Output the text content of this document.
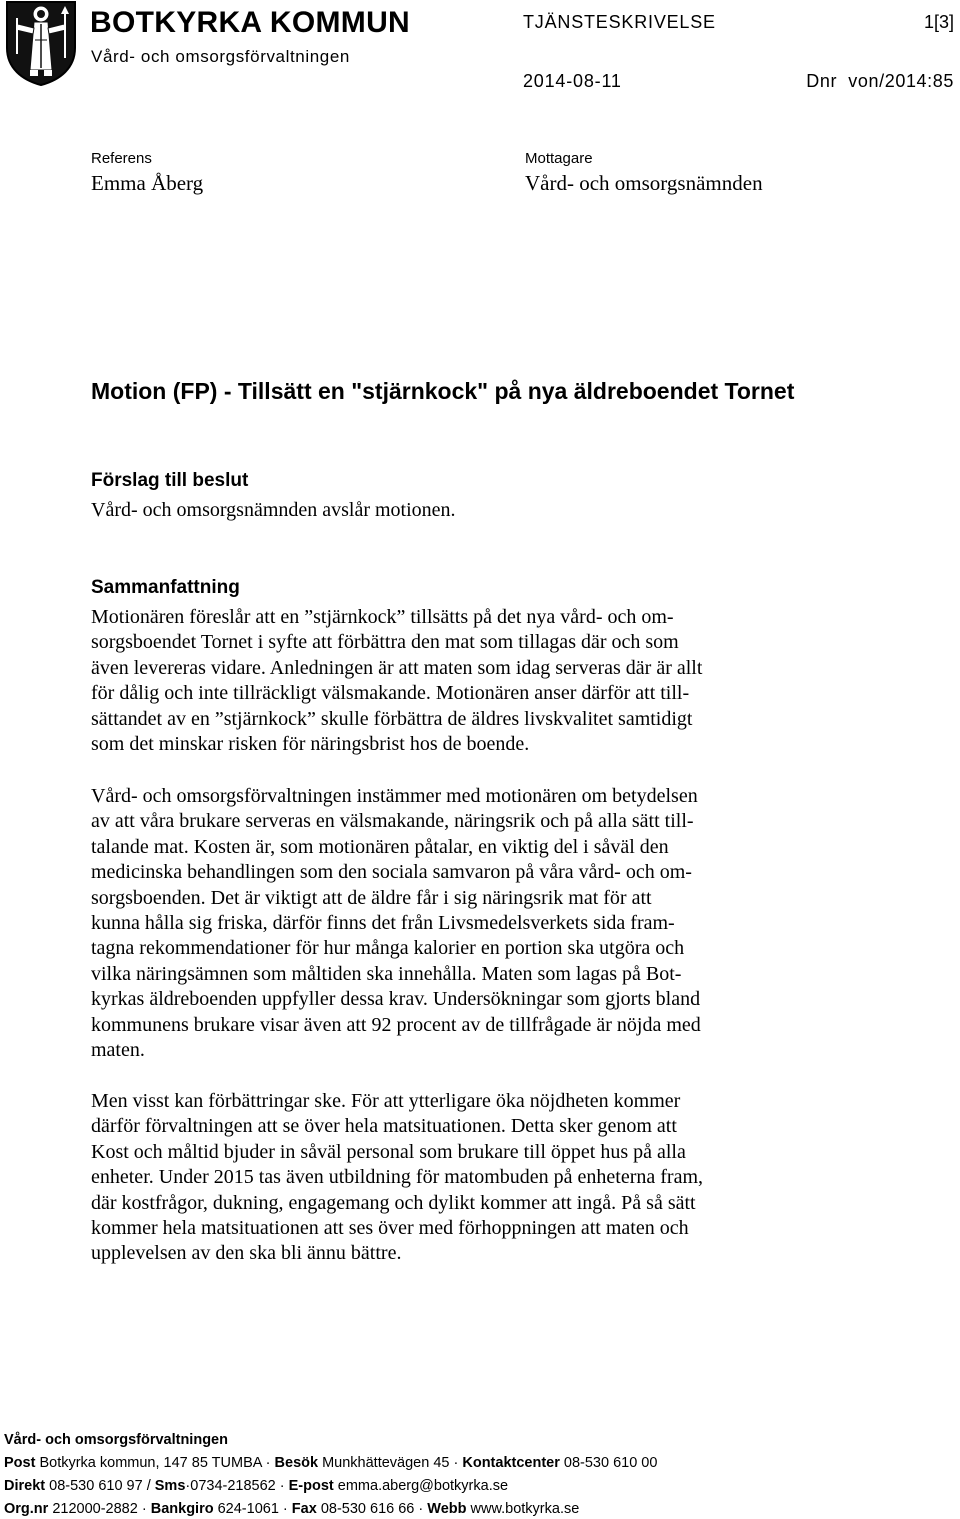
BOTKYRKA KOMMUN
Vård- och omsorgsförvaltningen
TJÄNSTESKRIVELSE	1[3]
2014-08-11	Dnr  von/2014:85
Referens
Emma Åberg
Mottagare
Vård- och omsorgsnämnden
Motion (FP) - Tillsätt en "stjärnkock" på nya äldreboendet Tornet
Förslag till beslut
Vård- och omsorgsnämnden avslår motionen.
Sammanfattning
Motionären föreslår att en ”stjärnkock” tillsätts på det nya vård- och om-
sorgsboendet Tornet i syfte att förbättra den mat som tillagas där och som
även levereras vidare. Anledningen är att maten som idag serveras där är allt
för dålig och inte tillräckligt välsmakande. Motionären anser därför att till-
sättandet av en ”stjärnkock” skulle förbättra de äldres livskvalitet samtidigt
som det minskar risken för näringsbrist hos de boende.
Vård- och omsorgsförvaltningen instämmer med motionären om betydelsen
av att våra brukare serveras en välsmakande, näringsrik och på alla sätt till-
talande mat. Kosten är, som motionären påtalar, en viktig del i såväl den
medicinska behandlingen som den sociala samvaron på våra vård- och om-
sorgsboenden. Det är viktigt att de äldre får i sig näringsrik mat för att
kunna hålla sig friska, därför finns det från Livsmedelsverkets sida fram-
tagna rekommendationer för hur många kalorier en portion ska utgöra och
vilka näringsämnen som måltiden ska innehålla. Maten som lagas på Bot-
kyrkas äldreboenden uppfyller dessa krav. Undersökningar som gjorts bland
kommunens brukare visar även att 92 procent av de tillfrågade är nöjda med
maten.
Men visst kan förbättringar ske. För att ytterligare öka nöjdheten kommer
därför förvaltningen att se över hela matsituationen. Detta sker genom att
Kost och måltid bjuder in såväl personal som brukare till öppet hus på alla
enheter. Under 2015 tas även utbildning för matombuden på enheterna fram,
där kostfrågor, dukning, engagemang och dylikt kommer att ingå. På så sätt
kommer hela matsituationen att ses över med förhoppningen att maten och
upplevelsen av den ska bli ännu bättre.
Vård- och omsorgsförvaltningen
Post Botkyrka kommun, 147 85 TUMBA · Besök Munkhättevägen 45 · Kontaktcenter 08-530 610 00
Direkt 08-530 610 97 / Sms·0734-218562 · E-post emma.aberg@botkyrka.se
Org.nr 212000-2882 · Bankgiro 624-1061 · Fax 08-530 616 66 · Webb www.botkyrka.se
